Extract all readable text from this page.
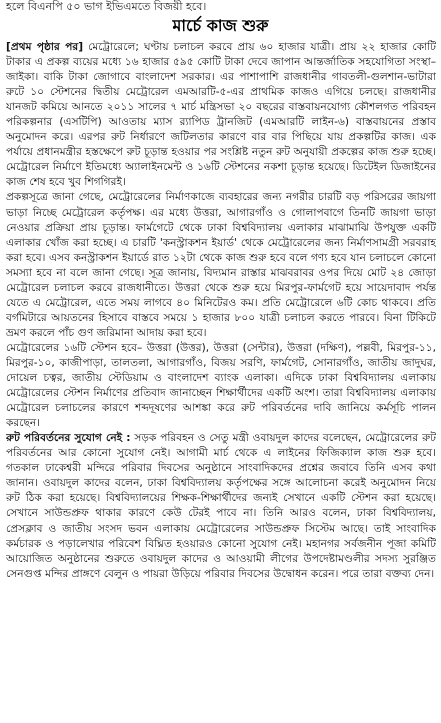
হলে বিএনপি ৫০ ভাগ ইভিএমতে বিজয়ী হবে।
মার্চে কাজ শুরু

[প্রথম পৃষ্ঠার পর] মেট্রোরেলে; ঘণ্টায় চলাচল করবে প্রায় ৬০ হাজার যাত্রী। প্রায় ২২ হাজার কোটি টাকার এ প্রকল্প ব্যয়ের মধ্যে ১৬ হাজার ৫৯৫ কোটি টাকা দেবে জাপান আন্তর্জাতিক সহযোগিতা সংস্থা–জাইকা। বাকি টাকা জোগাবে বাংলাদেশ সরকার। এর পাশাপাশি রাজধানীর গাবতলী-গুলশান-ভাটারা রুটে ১০ স্টেশনের দ্বিতীয় মেট্রোরেল এমআরটি-৫-এর প্রাথমিক কাজও এগিয়ে চলছে। রাজধানীর যানজট কমিয়ে আনতে ২০১১ সালের ৭ মার্চ মন্ত্রিসভা ২০ বছরের বাস্তবায়নযোগ্য কৌশলগত পরিবহন পরিকল্পনার (এসটিপি) আওতায় ম্যাস র‍্যাপিড ট্রানজিট (এমআরটি লাইন-৬) বাস্তবায়নের প্রস্তাব অনুমোদন করে। এরপর রুট নির্ধারণে জটিলতার কারণে বার বার পিছিয়ে যায় প্রকল্পটির কাজ। এক পর্যায়ে প্রধানমন্ত্রীর হস্তক্ষেপে রুট চূড়ান্ত হওয়ার পর সংশ্লিষ্ট নতুন রুট অনুযায়ী প্রকল্পের কাজ শুরু হচ্ছে। মেট্রোরেল নির্মাণে ইতিমধ্যে অ্যালাইনমেন্ট ও ১৬টি স্টেশনের নকশা চূড়ান্ত হয়েছে। ডিটেইল ডিজাইনের কাজ শেষ হবে খুব শিগগিরই।

প্রকল্পসূত্রে জানা গেছে, মেট্রোরেলের নির্মাণকাজে ব্যবহারের জন্য নগরীর চারটি বড় পরিসরের জায়গা ভাড়া নিচ্ছে মেট্রোরেল কর্তৃপক্ষ। এর মধ্যে উত্তরা, আগারগাঁও ও গোলাপবাগে তিনটি জায়গা ভাড়া নেওয়ার প্রক্রিয়া প্রায় চূড়ান্ত। ফার্মগেটে থেকে ঢাকা বিশ্ববিদ্যালয় এলাকার মাঝামাঝি উপযুক্ত একটি এলাকার খোঁজ করা হচ্ছে। এ চারটি 'কনস্ট্রাকশন ইয়ার্ড' থেকে মেট্রোরেলের জন্য নির্মাণসামগ্রী সরবরাহ করা হবে। এসব কনস্ট্রাকশন ইয়ার্ডে রাত ১২টা থেকে কাজ শুরু হবে বলে গণ্য হবে যান চলাচলে কোনো সমস্যা হবে না বলে জানা গেছে। সূত্র জানায়, বিদ্যমান রাস্তার মাঝবরাবর ওপর দিয়ে মোট ২৪ জোড়া মেট্রোরেল চলাচল করবে রাজধানীতে। উত্তরা থেকে শুরু হয়ে মিরপুর-ফার্মগেট হয়ে সায়েদাবাদ পর্যন্ত যেতে এ মেট্রোরেল, এতে সময় লাগবে ৪০ মিনিটেরও কম। প্রতি মেট্রোরেলে ৬টি কোচ থাকবে। প্রতি বর্গমিটারে আয়তনের হিসাবে বাস্তবে সময়ে ১ হাজার ৮০০ যাত্রী চলাচল করতে পারবে। বিনা টিকিটে ভ্রমণ করলে পাঁচ গুণ জরিমানা আদায় করা হবে।

মেট্রোরেলের ১৬টি স্টেশন হবে– উত্তরা (উত্তর), উত্তরা (সেন্টার), উত্তরা (দক্ষিণ), পল্লবী, মিরপুর-১১, মিরপুর-১০, কাজীপাড়া, তালতলা, আগারগাঁও, বিজয় সরণি, ফার্মগেট, সোনারগাঁও, জাতীয় জাদুঘর, দোয়েল চত্বর, জাতীয় স্টেডিয়াম ও বাংলাদেশ ব্যাংক এলাকা। এদিকে ঢাকা বিশ্ববিদ্যালয় এলাকায় মেট্রোরেলের স্টেশন নির্মাণের প্রতিবাদ জানাচ্ছেন শিক্ষার্থীদের একটি অংশ। তারা বিশ্ববিদ্যালয় এলাকায় মেট্রোরেল চলাচলের কারণে শব্দদূষণের আশঙ্কা করে রুট পরিবর্তনের দাবি জানিয়ে কর্মসূচি পালন করছেন।

রুট পরিবর্তনের সুযোগ নেই : সড়ক পরিবহন ও সেতু মন্ত্রী ওবায়দুল কাদের বলেছেন, মেট্রোরেলের রুট পরিবর্তনের আর কোনো সুযোগ নেই। আগামী মার্চ থেকে এ লাইনের ফিজিক্যাল কাজ শুরু হবে। গতকাল ঢাকেশ্বরী মন্দিরে পরিবার দিবসের অনুষ্ঠানে সাংবাদিকদের প্রশ্নের জবাবে তিনি এসব কথা জানান। ওবায়দুল কাদের বলেন, ঢাকা বিশ্ববিদ্যালয় কর্তৃপক্ষের সঙ্গে আলোচনা করেই অনুমোদন নিয়ে রুট ঠিক করা হয়েছে। বিশ্ববিদ্যালয়ের শিক্ষক-শিক্ষার্থীদের জন্যই সেখানে একটি স্টেশন করা হয়েছে। সেখানে সাউন্ডপ্রুফ থাকার কারণে কেউ টেরই পাবে না। তিনি আরও বলেন, ঢাকা বিশ্ববিদ্যালয়, প্রেসক্লাব ও জাতীয় সংসদ ভবন এলাকায় মেট্রোরেলের সাউন্ডপ্রুফ সিস্টেম আছে। তাই সাংবাদিক কর্মচারক ও পড়ালেখার পরিবেশ বিঘ্নিত হওয়ারও কোনো সুযোগ নেই। মহানগর সর্বজনীন পূজা কমিটি আয়োজিত অনুষ্ঠানের শুরুতে ওবায়দুল কাদের ও আওয়ামী লীগের উপদেষ্টামণ্ডলীর সদস্য সুরঞ্জিত সেনগুপ্ত মন্দির প্রাঙ্গণে বেলুন ও পায়রা উড়িয়ে পরিবার দিবসের উদ্বোধন করেন। পরে তারা বক্তব্য দেন।
